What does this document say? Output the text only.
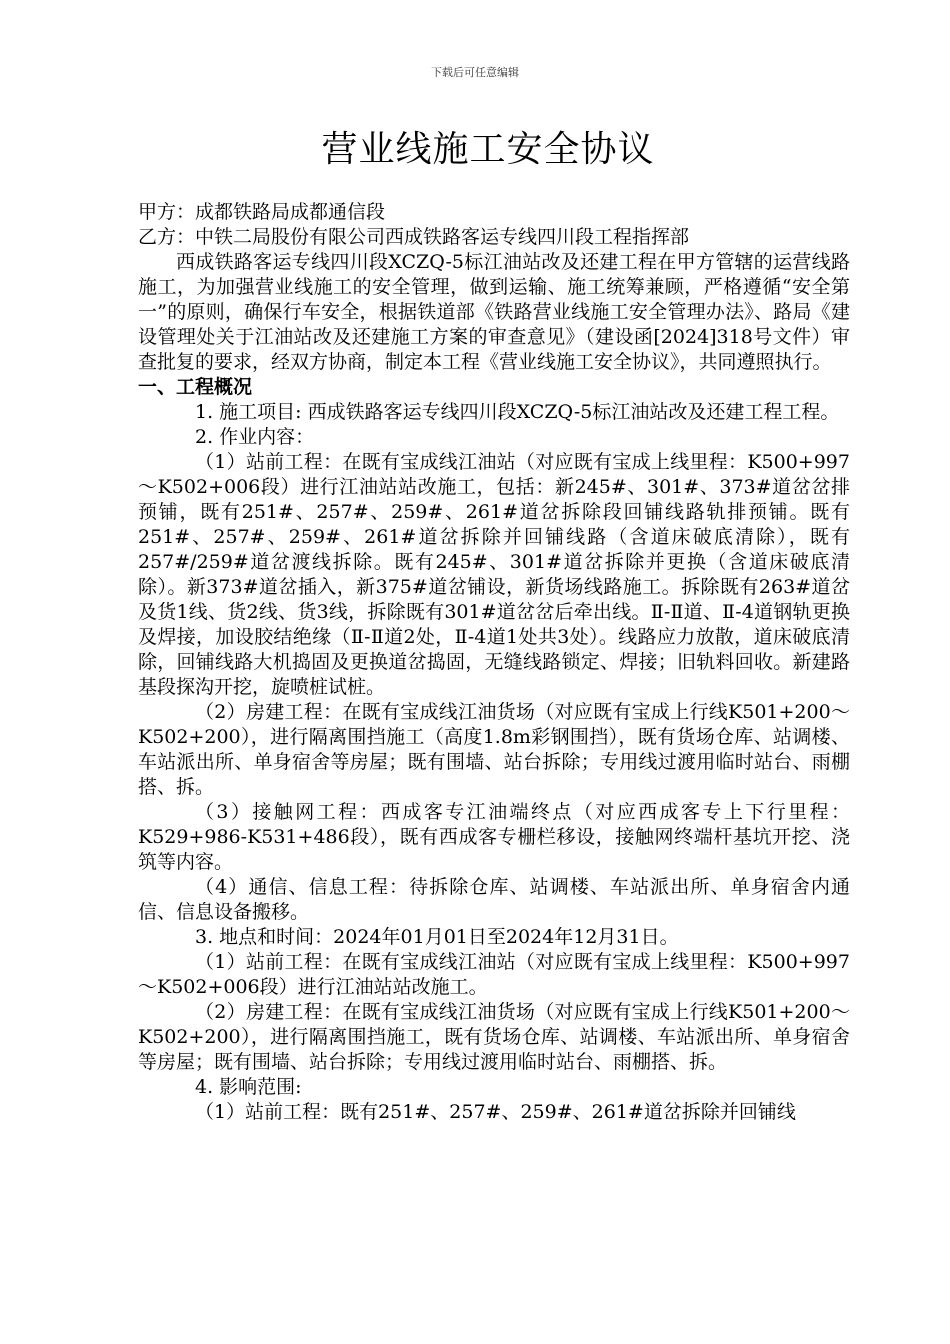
下载后可任意编辑
营业线施工安全协议

甲方：成都铁路局成都通信段

乙方：中铁二局股份有限公司西成铁路客运专线四川段工程指挥部

西成铁路客运专线四川段XCZQ-5标江油站改及还建工程在甲方管辖的运营线路施工，为加强营业线施工的安全管理，做到运输、施工统筹兼顾，严格遵循“安全第一”的原则，确保行车安全，根据铁道部《铁路营业线施工安全管理办法》、路局《建设管理处关于江油站改及还建施工方案的审查意见》（建设函[2024]318号文件）审查批复的要求，经双方协商，制定本工程《营业线施工安全协议》，共同遵照执行。

一、工程概况

1. 施工项目: 西成铁路客运专线四川段XCZQ-5标江油站改及还建工程工程。

2. 作业内容：

（1）站前工程：在既有宝成线江油站（对应既有宝成上线里程：K500+997～K502+006段）进行江油站站改施工，包括：新245#、301#、373#道岔岔排预铺，既有251#、257#、259#、261#道岔拆除段回铺线路轨排预铺。既有251#、257#、259#、261#道岔拆除并回铺线路（含道床破底清除），既有257#/259#道岔渡线拆除。既有245#、301#道岔拆除并更换（含道床破底清除）。新373#道岔插入，新375#道岔铺设，新货场线路施工。拆除既有263#道岔及货1线、货2线、货3线，拆除既有301#道岔岔后牵出线。Ⅱ-Ⅱ道、Ⅱ-4道钢轨更换及焊接，加设胶结绝缘（Ⅱ-Ⅱ道2处，Ⅱ-4道1处共3处）。线路应力放散，道床破底清除，回铺线路大机捣固及更换道岔捣固，无缝线路锁定、焊接；旧轨料回收。新建路基段探沟开挖，旋喷桩试桩。

（2）房建工程：在既有宝成线江油货场（对应既有宝成上行线K501+200～K502+200），进行隔离围挡施工（高度1.8m彩钢围挡），既有货场仓库、站调楼、车站派出所、单身宿舍等房屋；既有围墙、站台拆除；专用线过渡用临时站台、雨棚搭、拆。

（3）接触网工程：西成客专江油端终点（对应西成客专上下行里程：K529+986-K531+486段），既有西成客专栅栏移设，接触网终端杆基坑开挖、浇筑等内容。

（4）通信、信息工程：待拆除仓库、站调楼、车站派出所、单身宿舍内通信、信息设备搬移。

3. 地点和时间：2024年01月01日至2024年12月31日。

（1）站前工程：在既有宝成线江油站（对应既有宝成上线里程：K500+997～K502+006段）进行江油站站改施工。

（2）房建工程：在既有宝成线江油货场（对应既有宝成上行线K501+200～K502+200），进行隔离围挡施工，既有货场仓库、站调楼、车站派出所、单身宿舍等房屋；既有围墙、站台拆除；专用线过渡用临时站台、雨棚搭、拆。

4. 影响范围:

（1）站前工程：既有251#、257#、259#、261#道岔拆除并回铺线
